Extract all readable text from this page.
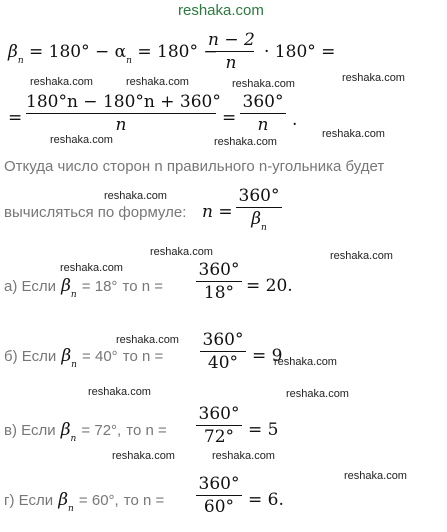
reshaka.com
$\beta_n = 180^\circ - \alpha_n = 180^\circ$ −
n − 2
n
· 180° =
=
180°n − 180°n + 360°
n	=
360°
n	.
Откуда число сторон n правильного n-угольника будет
вычисляться по формуле: n =
360°
$\beta_n$
а) Если $\beta_n = 18^\circ$ то n =
360°
18° = 20.
б) Если $\beta_n = 40^\circ$ то n =
360°
40° = 9
в) Если $\beta_n = 72^\circ$, то n =
360°
72° = 5
г) Если $\beta_n = 60^\circ$, то n =
360°
60° = 6.
reshaka.com	reshaka.com	reshaka.com	reshaka.com
reshaka.com	reshaka.com
reshaka.com
reshaka.com
reshaka.com	reshaka.com
reshaka.com
reshaka.com
reshaka.com
reshaka.com	reshaka.com
reshaka.com	reshaka.com
reshaka.com
